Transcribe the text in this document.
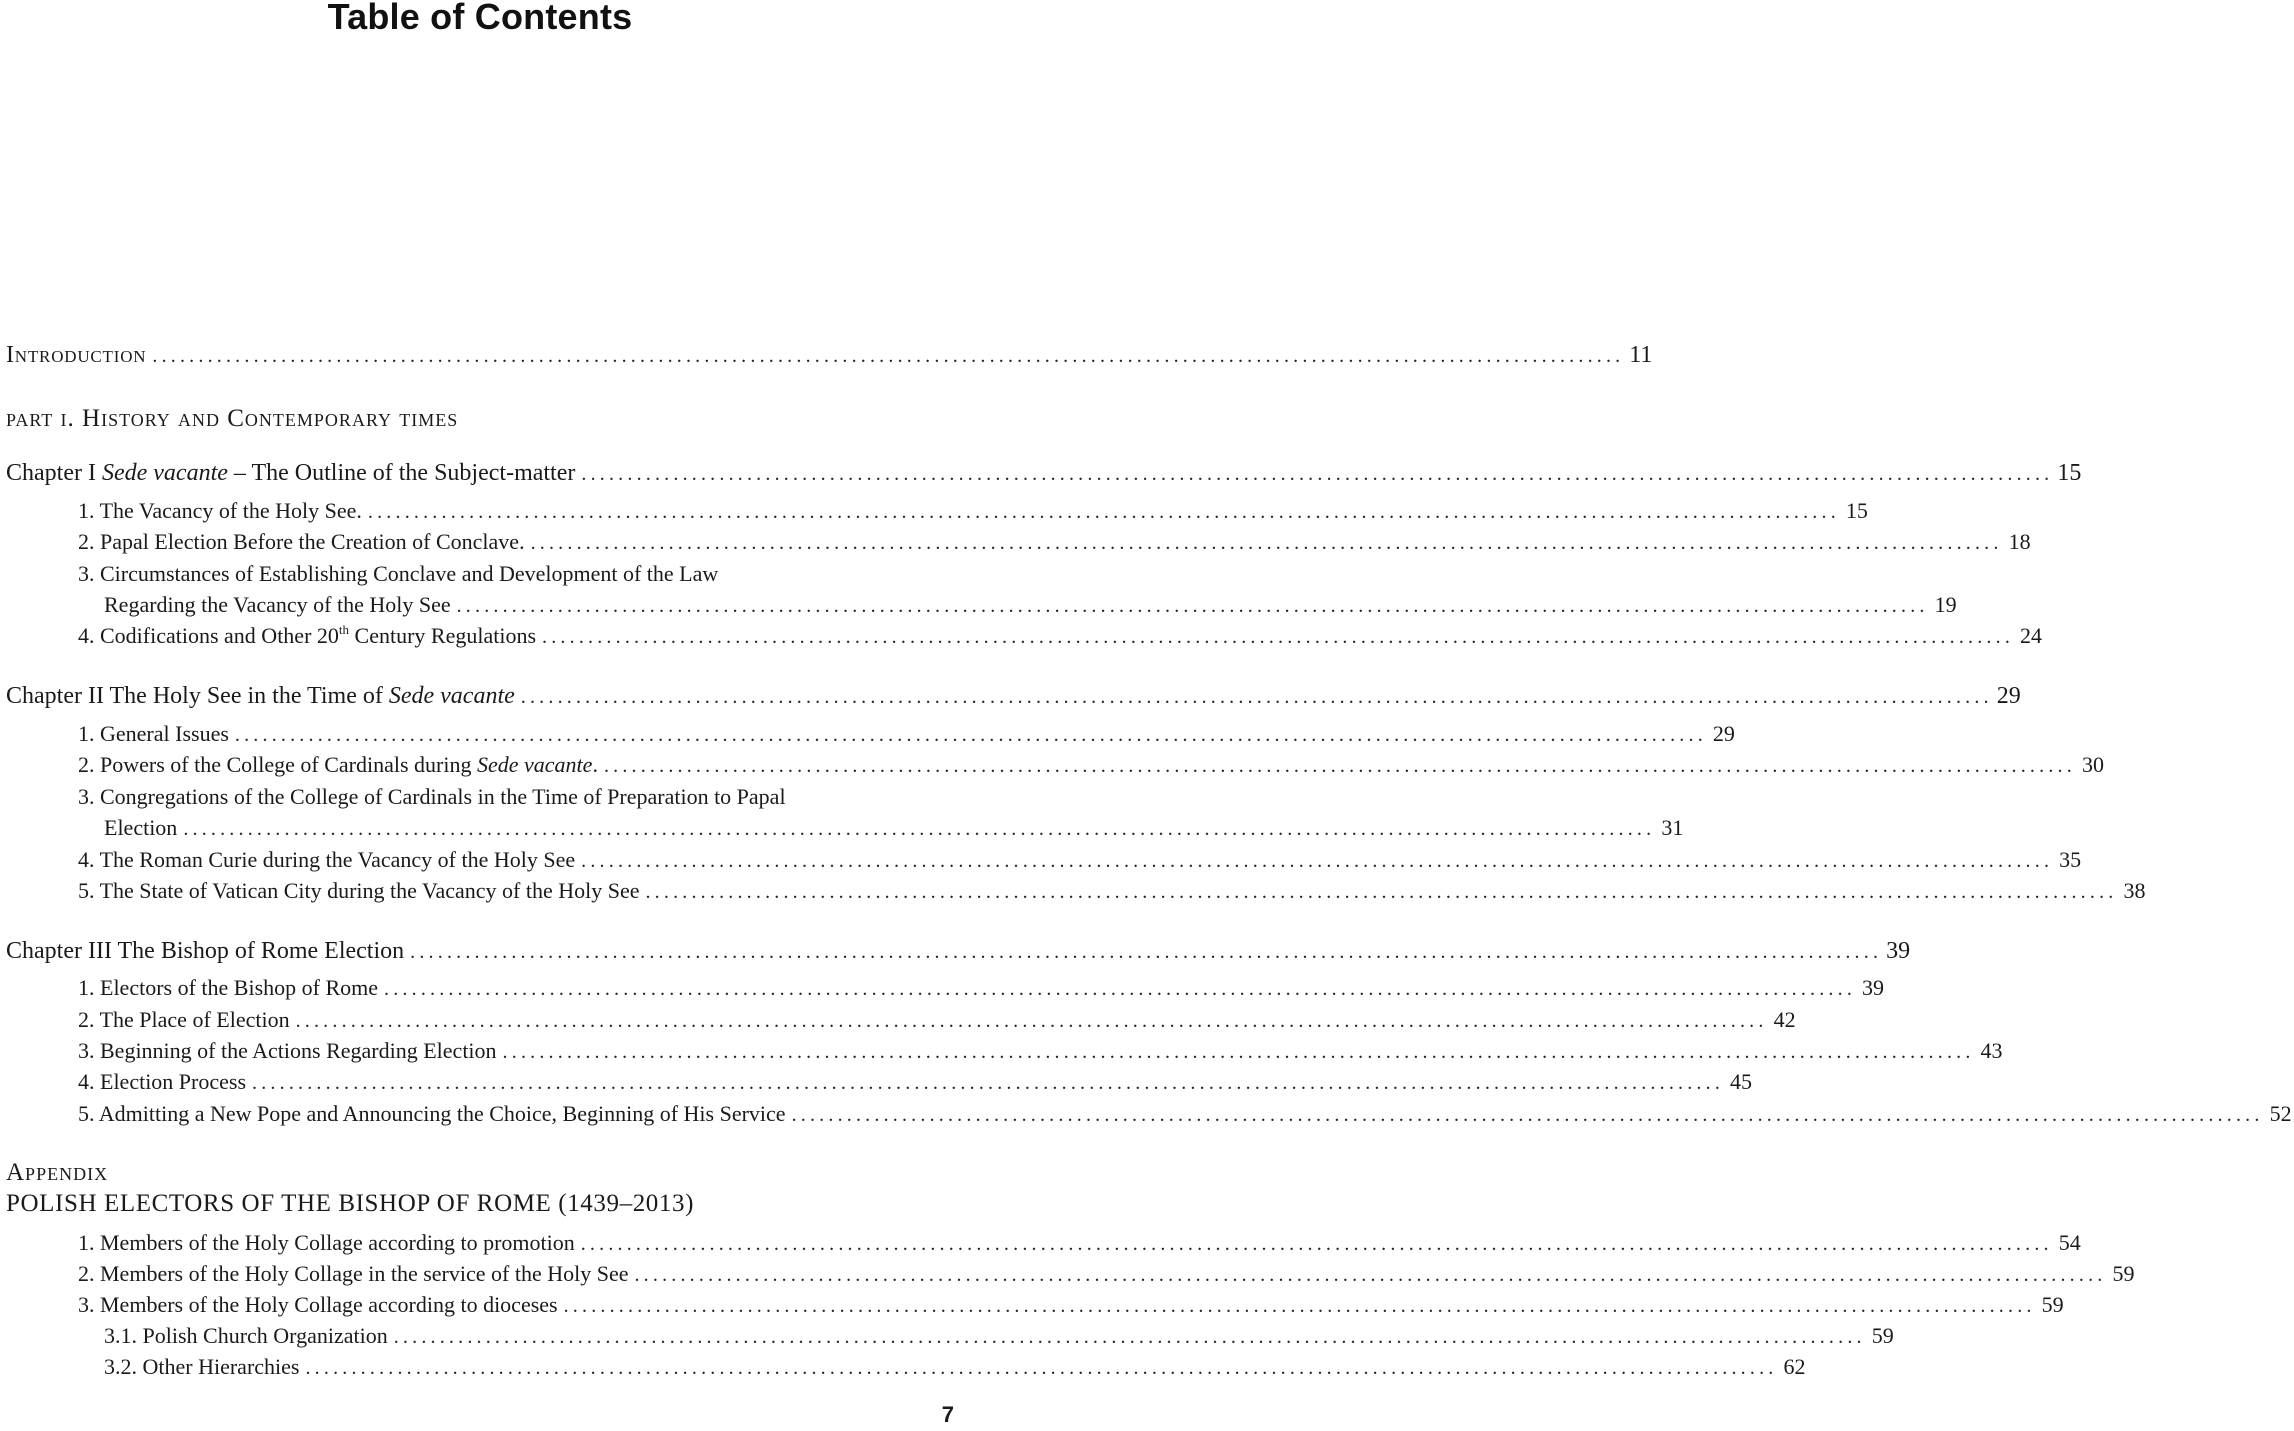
Table of Contents
Introduction ................................................................................................................................................................ 11
part i. History and Contemporary times
Chapter I Sede vacante – The Outline of the Subject-matter ................................................................................................................................................................ 15
1. The Vacancy of the Holy See. ................................................................................................................................................................ 15
2. Papal Election Before the Creation of Conclave. ................................................................................................................................................................ 18
3. Circumstances of Establishing Conclave and Development of the Law
Regarding the Vacancy of the Holy See ................................................................................................................................................................ 19
4. Codifications and Other 20th Century Regulations ................................................................................................................................................................ 24
Chapter II The Holy See in the Time of Sede vacante ................................................................................................................................................................ 29
1. General Issues ................................................................................................................................................................ 29
2. Powers of the College of Cardinals during Sede vacante. ................................................................................................................................................................ 30
3. Congregations of the College of Cardinals in the Time of Preparation to Papal
Election ................................................................................................................................................................ 31
4. The Roman Curie during the Vacancy of the Holy See ................................................................................................................................................................ 35
5. The State of Vatican City during the Vacancy of the Holy See ................................................................................................................................................................ 38
Chapter III The Bishop of Rome Election ................................................................................................................................................................ 39
1. Electors of the Bishop of Rome ................................................................................................................................................................ 39
2. The Place of Election ................................................................................................................................................................ 42
3. Beginning of the Actions Regarding Election ................................................................................................................................................................ 43
4. Election Process ................................................................................................................................................................ 45
5. Admitting a New Pope and Announcing the Choice, Beginning of His Service ................................................................................................................................................................ 52
Appendix
POLISH ELECTORS OF THE BISHOP OF ROME (1439–2013)
1. Members of the Holy Collage according to promotion ................................................................................................................................................................ 54
2. Members of the Holy Collage in the service of the Holy See ................................................................................................................................................................ 59
3. Members of the Holy Collage according to dioceses ................................................................................................................................................................ 59
3.1. Polish Church Organization ................................................................................................................................................................ 59
3.2. Other Hierarchies ................................................................................................................................................................ 62
7
